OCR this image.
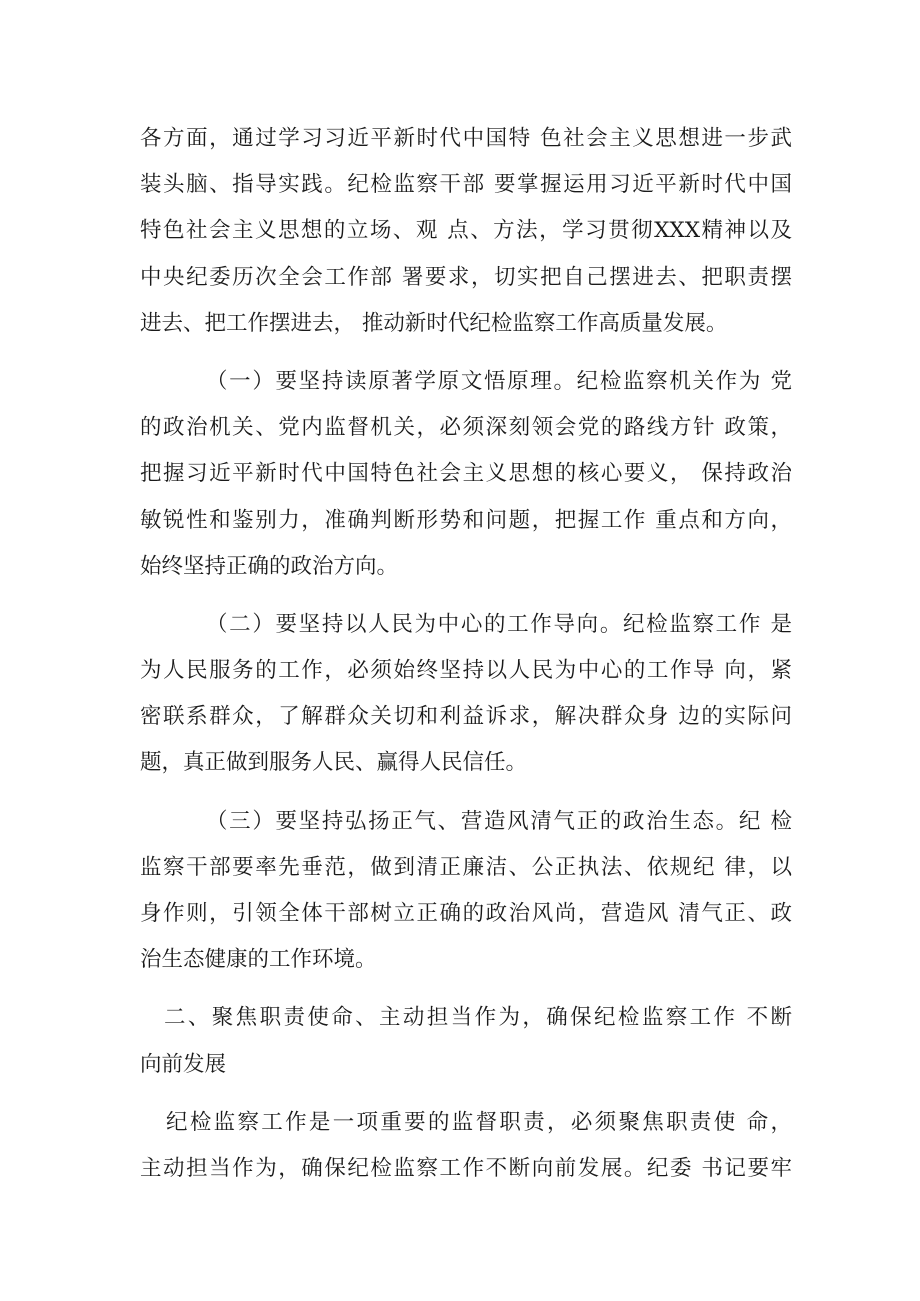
各方面，通过学习习近平新时代中国特 色社会主义思想进一步武
装头脑、指导实践。纪检监察干部 要掌握运用习近平新时代中国
特色社会主义思想的立场、观 点、方法，学习贯彻XXX精神以及
中央纪委历次全会工作部 署要求，切实把自己摆进去、把职责摆
进去、把工作摆进去， 推动新时代纪检监察工作高质量发展。
（一）要坚持读原著学原文悟原理。纪检监察机关作为 党
的政治机关、党内监督机关，必须深刻领会党的路线方针 政策，
把握习近平新时代中国特色社会主义思想的核心要义， 保持政治
敏锐性和鉴别力，准确判断形势和问题，把握工作 重点和方向，
始终坚持正确的政治方向。
（二）要坚持以人民为中心的工作导向。纪检监察工作 是
为人民服务的工作，必须始终坚持以人民为中心的工作导 向，紧
密联系群众，了解群众关切和利益诉求，解决群众身 边的实际问
题，真正做到服务人民、赢得人民信任。
（三）要坚持弘扬正气、营造风清气正的政治生态。纪 检
监察干部要率先垂范，做到清正廉洁、公正执法、依规纪 律，以
身作则，引领全体干部树立正确的政治风尚，营造风 清气正、政
治生态健康的工作环境。
二、聚焦职责使命、主动担当作为，确保纪检监察工作 不断
向前发展
纪检监察工作是一项重要的监督职责，必须聚焦职责使 命，
主动担当作为，确保纪检监察工作不断向前发展。纪委 书记要牢
